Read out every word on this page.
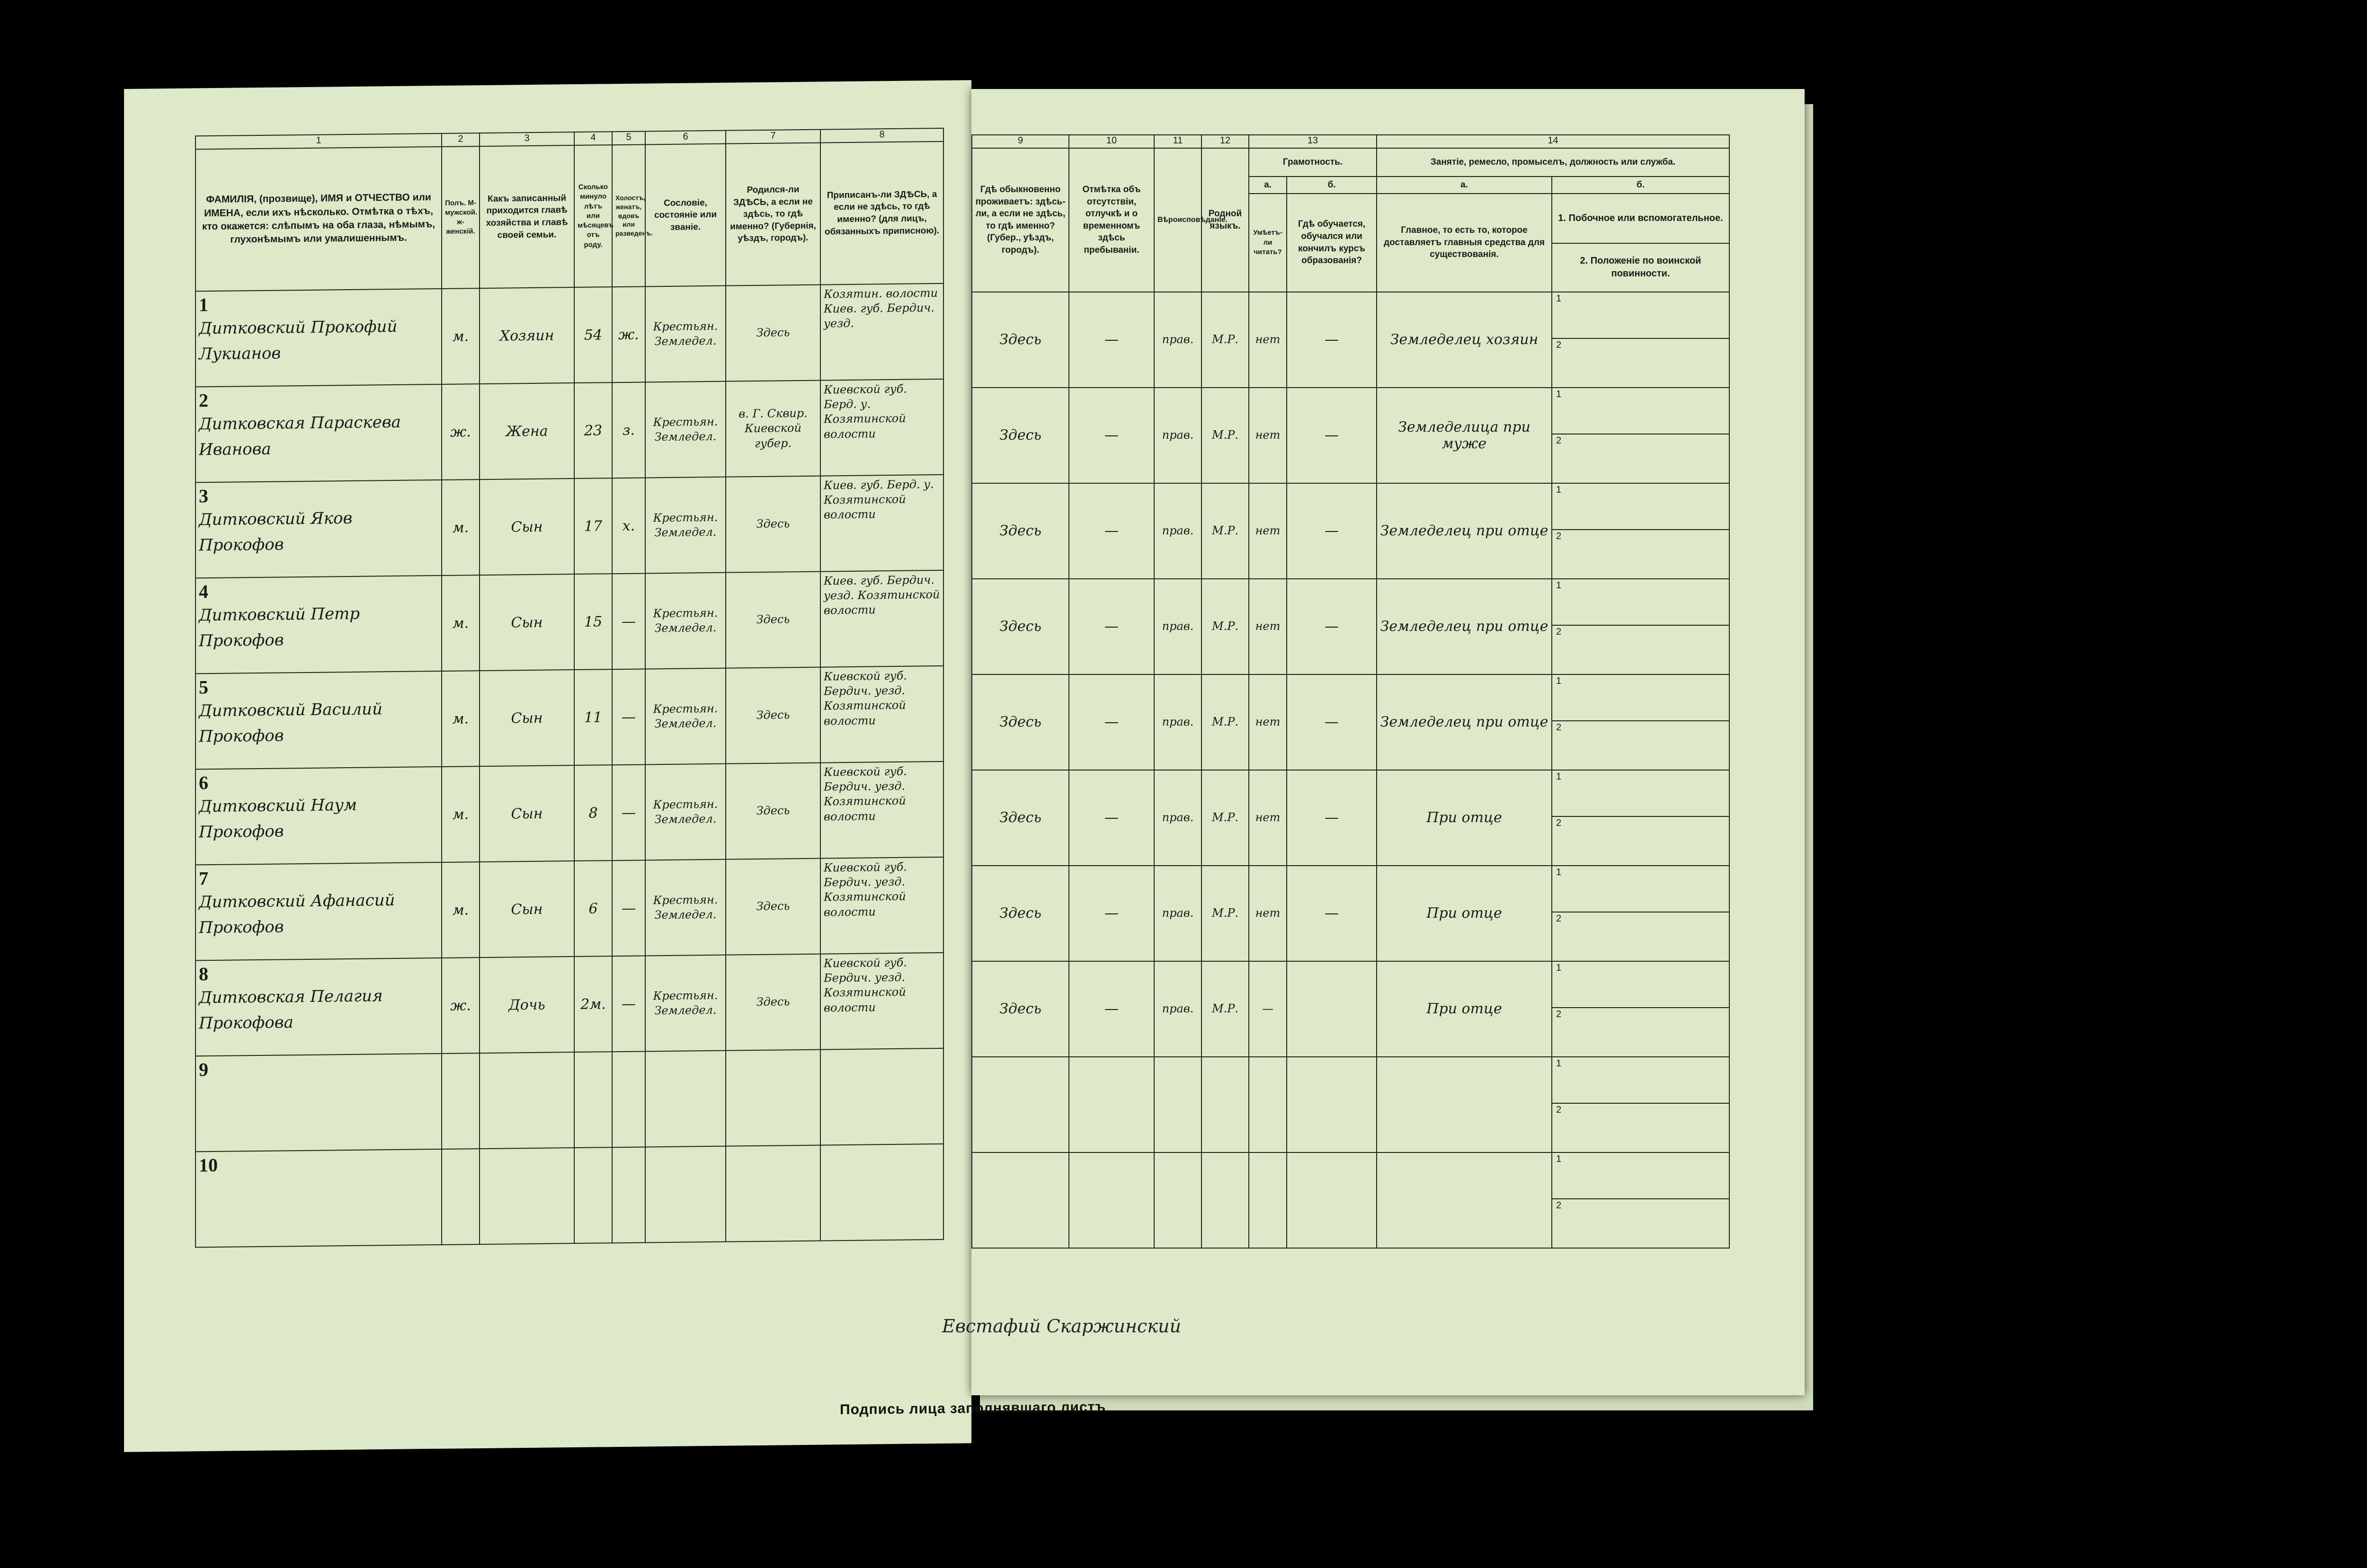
1	2	3	4	5	6	7	8
ФАМИЛІЯ, (прозвище), ИМЯ и ОТЧЕСТВО или ИМЕНА, если ихъ нѣсколько. Отмѣтка о тѣхъ, кто окажется: слѣпымъ на оба глаза, нѣмымъ, глухонѣмымъ или умалишеннымъ.	Полъ. М-мужской. ж-женскій.	Какъ записанный приходится главѣ хозяйства и главѣ своей семьи.	Сколько минуло лѣтъ или мѣсяцевъ отъ роду.	Холостъ, женатъ, вдовъ или разведенъ.	Сословіе, состояніе или званіе.	Родился-ли ЗДѢСЬ, а если не здѣсь, то гдѣ именно? (Губернія, уѣздъ, городъ).	Приписанъ-ли ЗДѢСЬ, а если не здѣсь, то гдѣ именно? (для лицъ, обязанныхъ приписною).
1
Дитковский Прокофий Лукианов	м.	Хозяин	54	ж.	Крестьян. Земледел.	Здесь	Козятин. волости Киев. губ. Бердич. уезд.
2
Дитковская Параскева Иванова	ж.	Жена	23	з.	Крестьян. Земледел.	в. Г. Сквир. Киевской губер.	Киевской губ. Берд. у. Козятинской волости
3
Дитковский Яков Прокофов	м.	Сын	17	х.	Крестьян. Земледел.	Здесь	Киев. губ. Берд. у. Козятинской волости
4
Дитковский Петр Прокофов	м.	Сын	15	—	Крестьян. Земледел.	Здесь	Киев. губ. Бердич. уезд. Козятинской волости
5
Дитковский Василий Прокофов	м.	Сын	11	—	Крестьян. Земледел.	Здесь	Киевской губ. Бердич. уезд. Козятинской волости
6
Дитковский Наум Прокофов	м.	Сын	8	—	Крестьян. Земледел.	Здесь	Киевской губ. Бердич. уезд. Козятинской волости
7
Дитковский Афанасий Прокофов	м.	Сын	6	—	Крестьян. Земледел.	Здесь	Киевской губ. Бердич. уезд. Козятинской волости
8
Дитковская Пелагия Прокофова	ж.	Дочь	2м.	—	Крестьян. Земледел.	Здесь	Киевской губ. Бердич. уезд. Козятинской волости
9

10

Подпись лица заполнявшаго листъ
9	10	11	12	13		14	
Гдѣ обыкновенно проживаетъ: здѣсь-ли, а если не здѣсь, то гдѣ именно? (Губер., уѣздъ, городъ).	Отмѣтка объ отсутствіи, отлучкѣ и о временномъ здѣсь пребываніи.	Вѣроисповѣданіе.	Родной языкъ.	Грамотность.		Занятіе, ремесло, промыселъ, должность или служба.	
				а.	б.	а.	б.
				Умѣетъ-ли читать?	Гдѣ обучается, обучался или кончилъ курсъ образованія?	Главное, то есть то, которое доставляетъ главныя средства для существованія.	1. Побочное или вспомогательное.
2. Положеніе по воинской повинности.

Здесь	—	прав.	М.Р.	нет	—	Земледелец хозяин	1
2

Здесь	—	прав.	М.Р.	нет	—	Земледелица при муже	1
2

Здесь	—	прав.	М.Р.	нет	—	Земледелец при отце	1
2

Здесь	—	прав.	М.Р.	нет	—	Земледелец при отце	1
2

Здесь	—	прав.	М.Р.	нет	—	Земледелец при отце	1
2

Здесь	—	прав.	М.Р.	нет	—	При отце	1
2

Здесь	—	прав.	М.Р.	нет	—	При отце	1
2

Здесь	—	прав.	М.Р.	—		При отце	1
2

							1
2

							1
2
Евстафий Скаржинский
